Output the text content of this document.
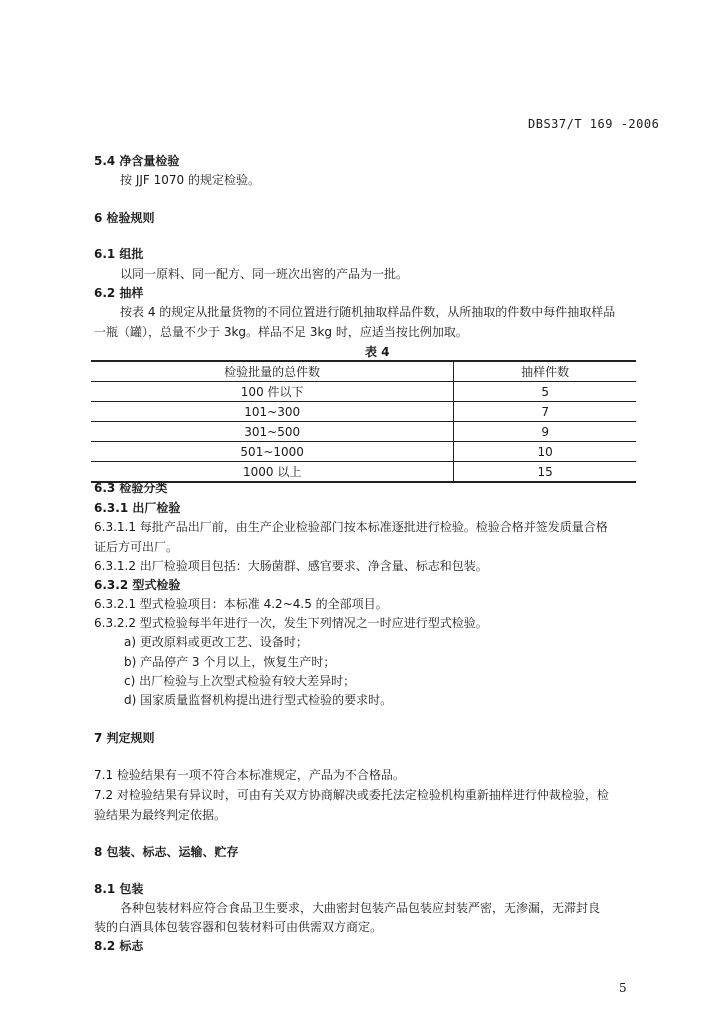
DBS37/T 169 -2006
5.4 净含量检验
按 JJF 1070 的规定检验。
6 检验规则
6.1 组批
以同一原料、同一配方、同一班次出窖的产品为一批。
6.2 抽样
按表 4 的规定从批量货物的不同位置进行随机抽取样品件数，从所抽取的件数中每件抽取样品
一瓶（罐），总量不少于 3kg。样品不足 3kg 时，应适当按比例加取。
表 4
检验批量的总件数	抽样件数
100 件以下	5
101~300	7
301~500	9
501~1000	10
1000 以上	15
6.3 检验分类
6.3.1 出厂检验
6.3.1.1 每批产品出厂前，由生产企业检验部门按本标准逐批进行检验。检验合格并签发质量合格
证后方可出厂。
6.3.1.2 出厂检验项目包括：大肠菌群、感官要求、净含量、标志和包装。
6.3.2 型式检验
6.3.2.1 型式检验项目：本标准 4.2~4.5 的全部项目。
6.3.2.2 型式检验每半年进行一次，发生下列情况之一时应进行型式检验。
a) 更改原料或更改工艺、设备时；
b) 产品停产 3 个月以上，恢复生产时；
c) 出厂检验与上次型式检验有较大差异时；
d) 国家质量监督机构提出进行型式检验的要求时。
7 判定规则
7.1 检验结果有一项不符合本标准规定，产品为不合格品。
7.2 对检验结果有异议时，可由有关双方协商解决或委托法定检验机构重新抽样进行仲裁检验，检
验结果为最终判定依据。
8 包装、标志、运输、贮存
8.1 包装
各种包装材料应符合食品卫生要求，大曲密封包装产品包装应封装严密，无渗漏，无滞封良
装的白酒具体包装容器和包装材料可由供需双方商定。
8.2 标志
5
